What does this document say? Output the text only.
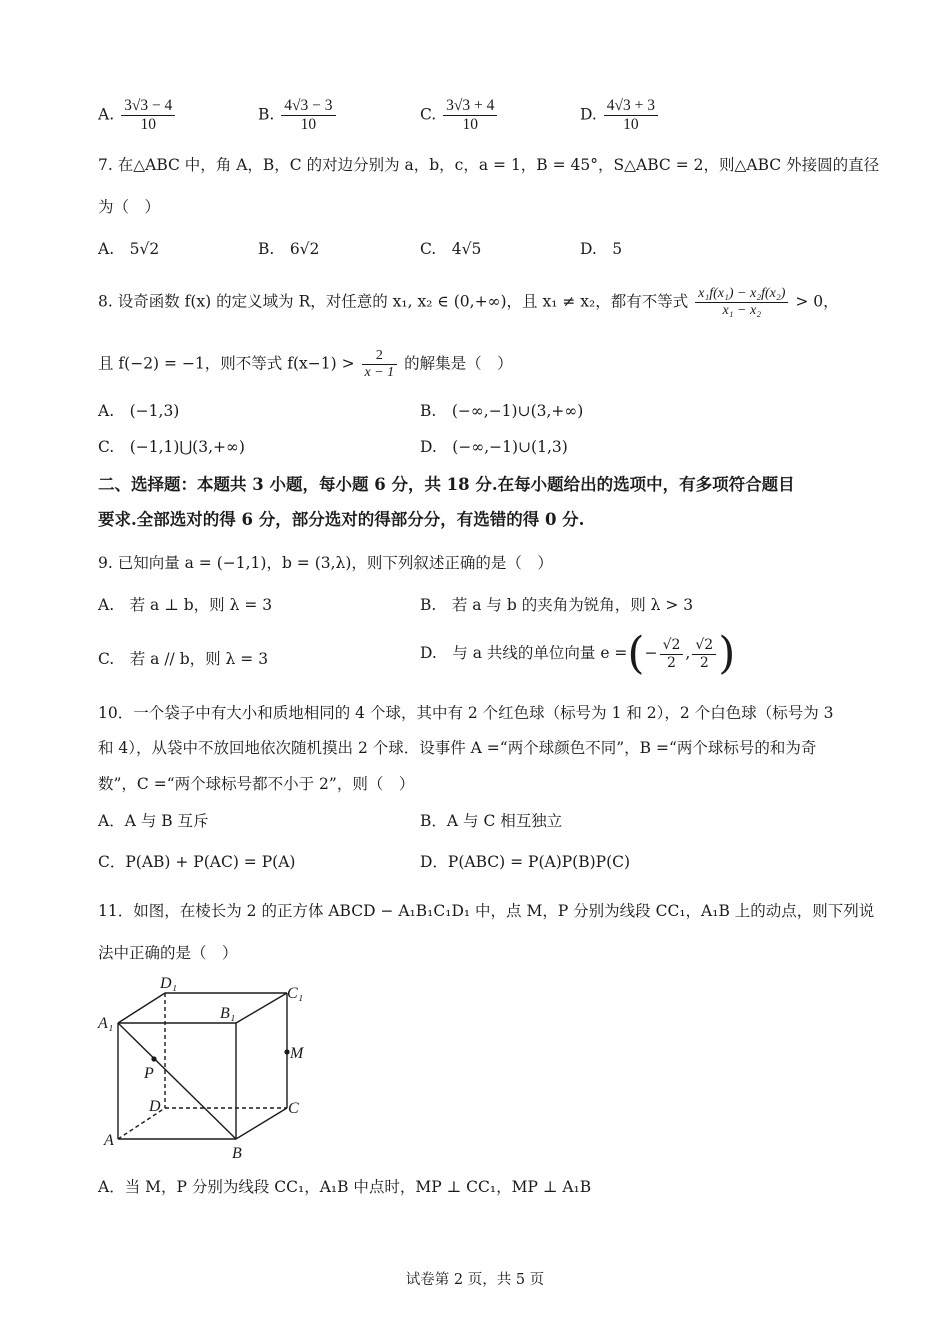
A. $\frac{3√3 - 4}{10}$	B. $\frac{4√3 - 3}{10}$	C. $\frac{3√3 + 4}{10}$	D. $\frac{4√3 + 3}{10}$
7. 在△ABC 中，角 A，B，C 的对边分别为 a，b，c，a = 1，B = 45°，S△ABC = 2，则△ABC 外接圆的直径
为（　）
A.　5√2	B.　6√2	C.　4√5	D.　5
8. 设奇函数 f(x) 的定义域为 R，对任意的 x₁, x₂ ∈ (0,+∞)，且 x₁ ≠ x₂，都有不等式 $\frac{\text{x₁f(x₁) − x₂f(x₂)}}{\text{x₁ − x₂}} > 0$，
且 f(−2) = −1，则不等式 $f(x-1) > \frac{2}{x - 1}$ 的解集是（　）
A.　(−1,3)	B.　(−∞,−1)∪(3,+∞)
C.　(−1,1)⋃(3,+∞)	D.　(−∞,−1)∪(1,3)
二、选择题：本题共 3 小题，每小题 6 分，共 18 分.在每小题给出的选项中，有多项符合题目
要求.全部选对的得 6 分，部分选对的得部分分，有选错的得 0 分.
9. 已知向量 a = (−1,1)，b = (3,λ)，则下列叙述正确的是（　）
A.　若 a ⊥ b，则 λ = 3	B.　若 a 与 b 的夹角为锐角，则 λ > 3
C.　若 a // b，则 λ = 3	D.　与 a 共线的单位向量 e =(− $\frac{√2}{2}$ , $\frac{√2}{2}$ )
10．一个袋子中有大小和质地相同的 4 个球，其中有 2 个红色球（标号为 1 和 2），2 个白色球（标号为 3
和 4），从袋中不放回地依次随机摸出 2 个球．设事件 A =“两个球颜色不同”，B =“两个球标号的和为奇
数”，C =“两个球标号都不小于 2”，则（　）
A．A 与 B 互斥	B．A 与 C 相互独立
C．P(AB) + P(AC) = P(A)	D．P(ABC) = P(A)P(B)P(C)
11．如图，在棱长为 2 的正方体 ABCD − A₁B₁C₁D₁ 中，点 M，P 分别为线段 CC₁，A₁B 上的动点，则下列说
法中正确的是（　）
D₁
C₁
A₁
B₁
M
P
D	C
A
B
A．当 M，P 分别为线段 CC₁，A₁B 中点时，MP ⊥ CC₁，MP ⊥ A₁B
试卷第 2 页，共 5 页
